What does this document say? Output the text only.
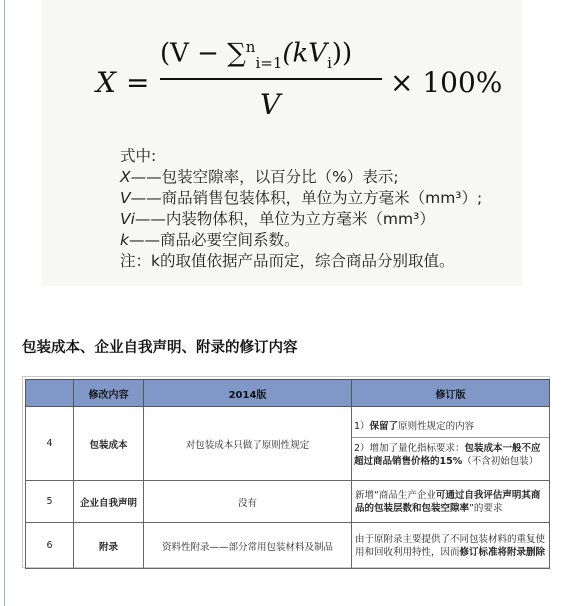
X =
$(V - \sum^n_{i=1}(kV_i))$
V
× 100%
式中:
X——包装空隙率，以百分比（%）表示;
V——商品销售包装体积，单位为立方毫米（mm³）;
Vi——内装物体积，单位为立方毫米（mm³）
k——商品必要空间系数。
注：k的取值依据产品而定，综合商品分别取值。
包装成本、企业自我声明、附录的修订内容
	修改内容	2014版	修订版
4	包装成本	对包装成本只做了原则性规定	1）保留了原则性规定的内容
2）增加了量化指标要求：包装成本一般不应超过商品销售价格的15%（不含初始包装）

5	企业自我声明	没有	新增“商品生产企业可通过自我评估声明其商品的包装层数和包装空隙率”的要求
6	附录	资料性附录——部分常用包装材料及制品	由于原附录主要提供了不同包装材料的重复使用和回收利用特性，因而修订标准将附录删除
